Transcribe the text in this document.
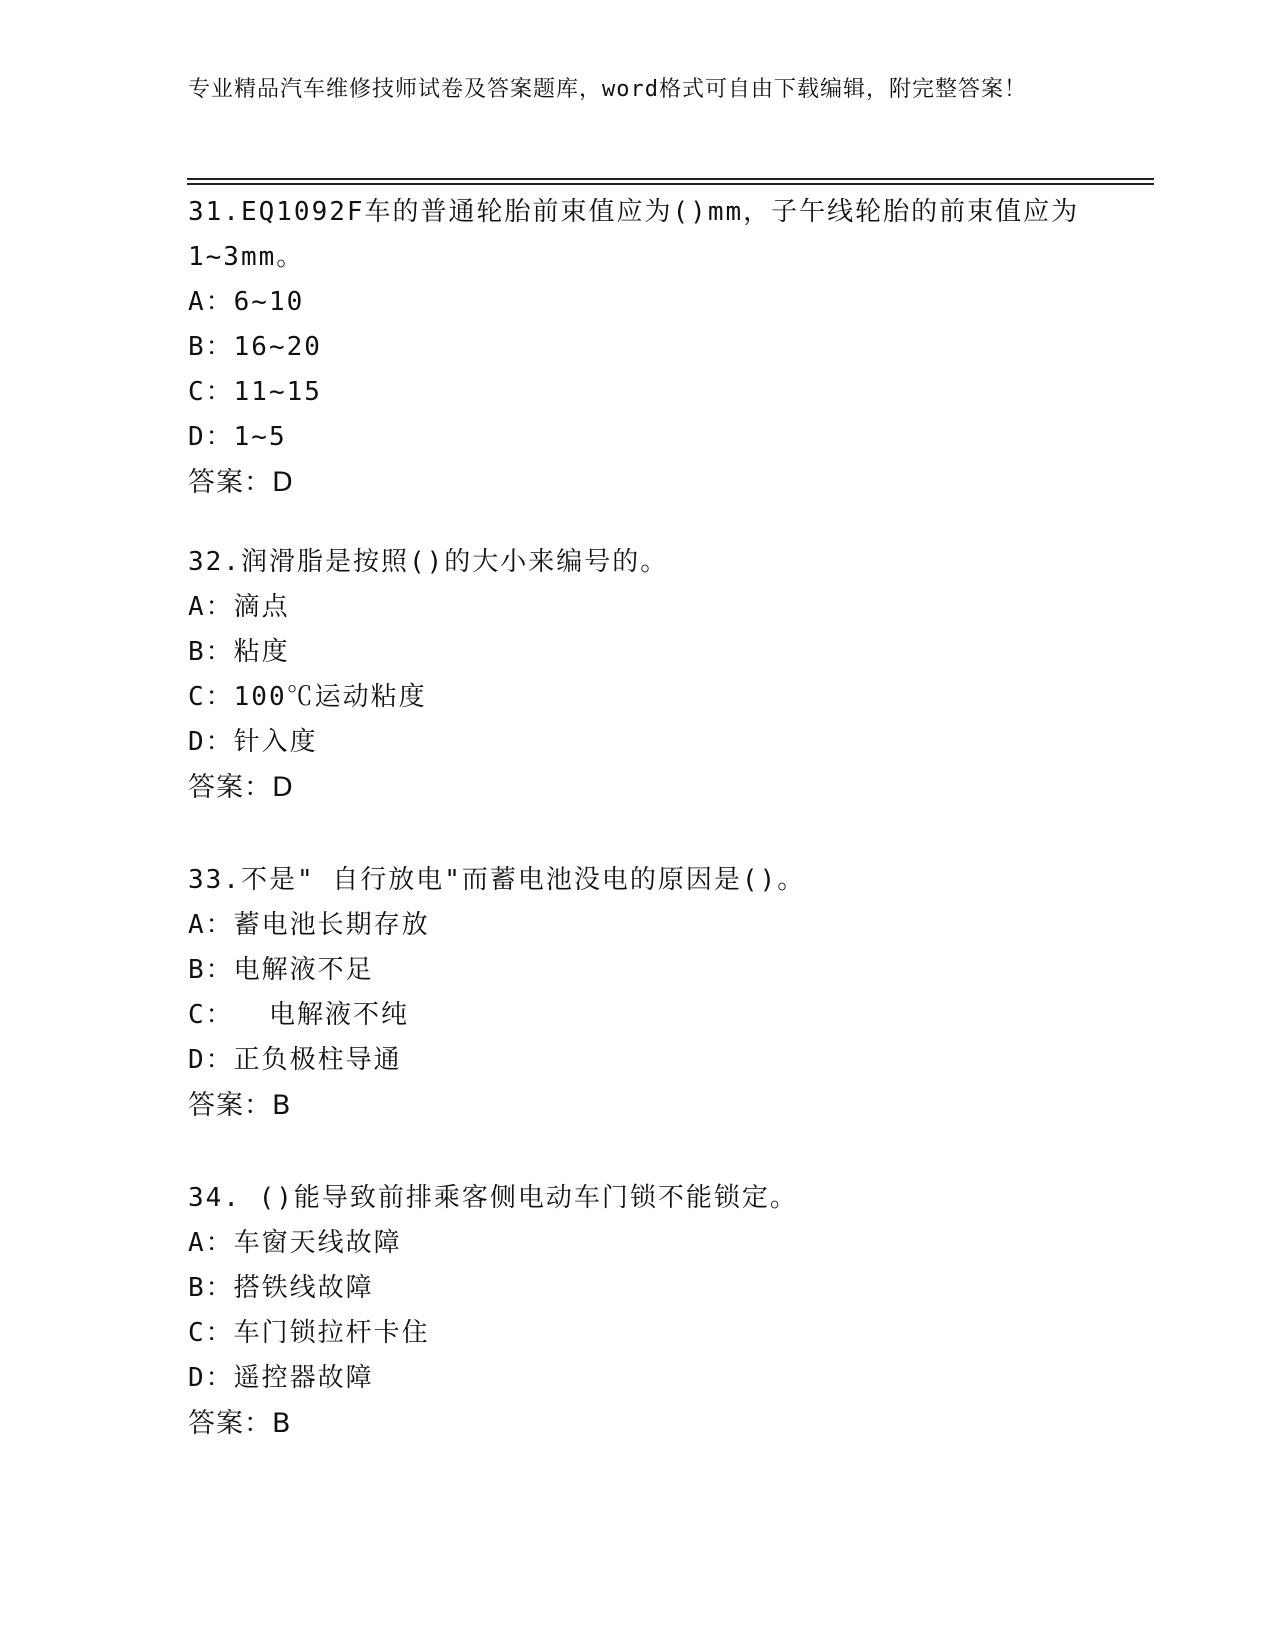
专业精品汽车维修技师试卷及答案题库，word格式可自由下载编辑，附完整答案！
31.EQ1092F车的普通轮胎前束值应为()mm，子午线轮胎的前束值应为1~3mm。
A：6~10
B：16~20
C：11~15
D：1~5
答案：D
32.润滑脂是按照()的大小来编号的。
A：滴点
B：粘度
C：100℃运动粘度
D：针入度
答案：D
33.不是" 自行放电"而蓄电池没电的原因是()。
A：蓄电池长期存放
B：电解液不足
C：  电解液不纯
D：正负极柱导通
答案：B
34. ()能导致前排乘客侧电动车门锁不能锁定。
A：车窗天线故障
B：搭铁线故障
C：车门锁拉杆卡住
D：遥控器故障
答案：B
